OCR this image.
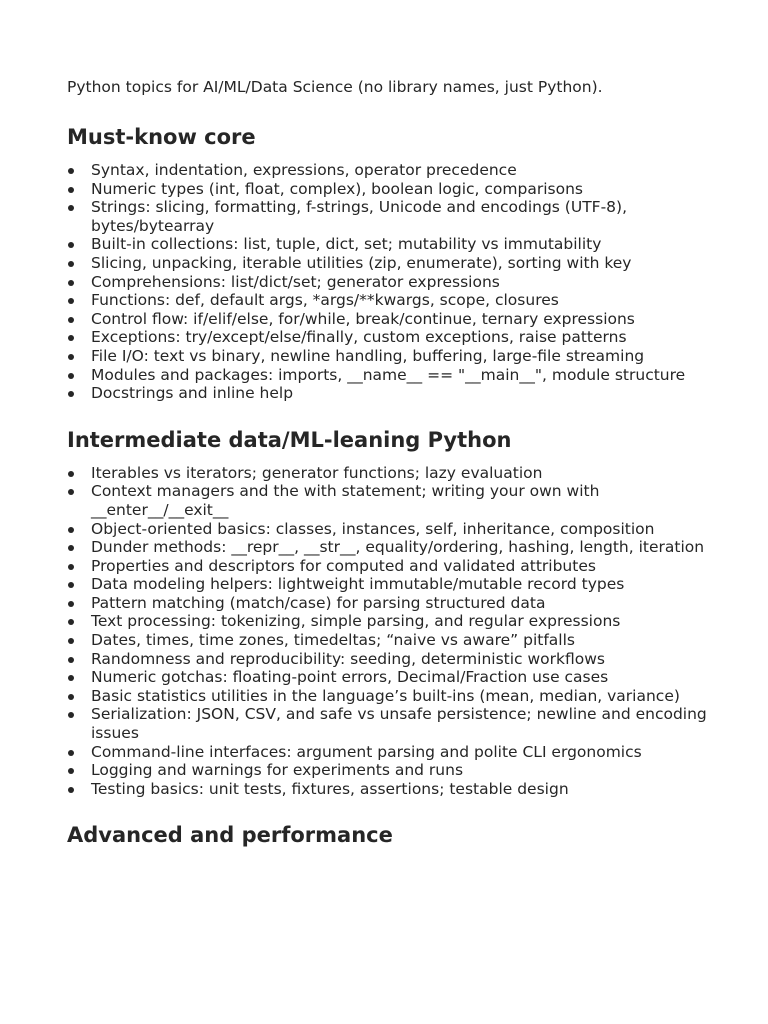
Python topics for AI/ML/Data Science (no library names, just Python).

Must-know core
Syntax, indentation, expressions, operator precedence
Numeric types (int, float, complex), boolean logic, comparisons
Strings: slicing, formatting, f-strings, Unicode and encodings (UTF-8), bytes/bytearray
Built-in collections: list, tuple, dict, set; mutability vs immutability
Slicing, unpacking, iterable utilities (zip, enumerate), sorting with key
Comprehensions: list/dict/set; generator expressions
Functions: def, default args, *args/**kwargs, scope, closures
Control flow: if/elif/else, for/while, break/continue, ternary expressions
Exceptions: try/except/else/finally, custom exceptions, raise patterns
File I/O: text vs binary, newline handling, buffering, large-file streaming
Modules and packages: imports, __name__ == "__main__", module structure
Docstrings and inline help
Intermediate data/ML-leaning Python
Iterables vs iterators; generator functions; lazy evaluation
Context managers and the with statement; writing your own with __enter__/__exit__
Object-oriented basics: classes, instances, self, inheritance, composition
Dunder methods: __repr__, __str__, equality/ordering, hashing, length, iteration
Properties and descriptors for computed and validated attributes
Data modeling helpers: lightweight immutable/mutable record types
Pattern matching (match/case) for parsing structured data
Text processing: tokenizing, simple parsing, and regular expressions
Dates, times, time zones, timedeltas; “naive vs aware” pitfalls
Randomness and reproducibility: seeding, deterministic workflows
Numeric gotchas: floating-point errors, Decimal/Fraction use cases
Basic statistics utilities in the language’s built-ins (mean, median, variance)
Serialization: JSON, CSV, and safe vs unsafe persistence; newline and encoding issues
Command-line interfaces: argument parsing and polite CLI ergonomics
Logging and warnings for experiments and runs
Testing basics: unit tests, fixtures, assertions; testable design
Advanced and performance
